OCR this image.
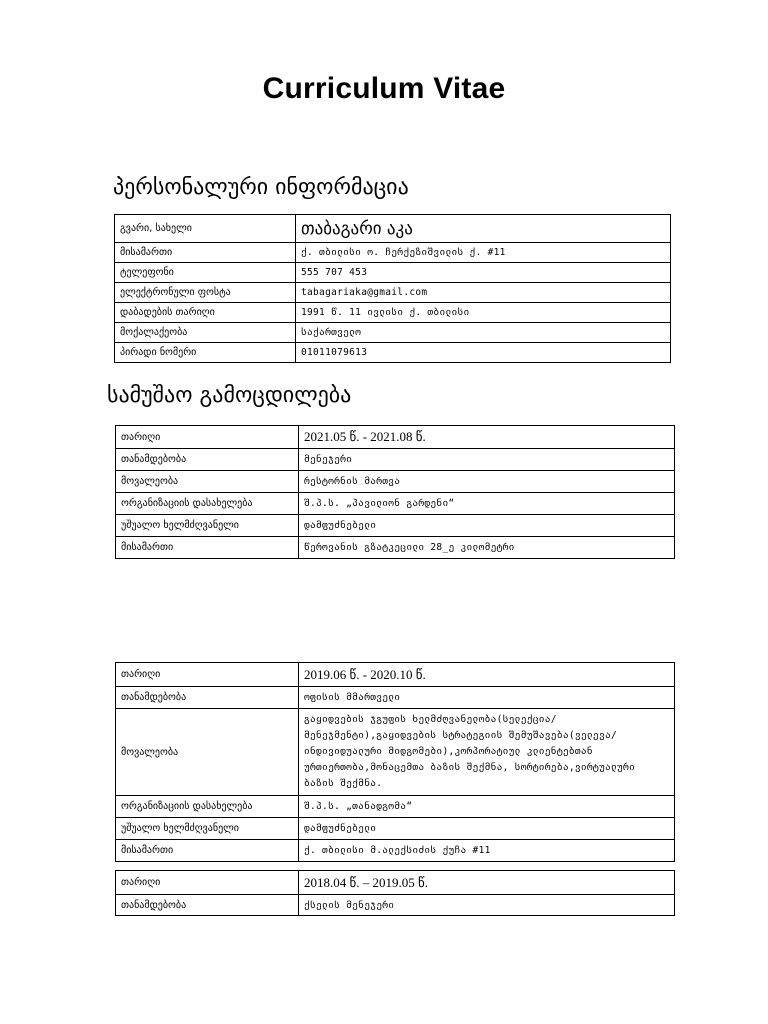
Curriculum Vitae
პერსონალური ინფორმაცია
გვარი, სახელი	თაბაგარი აკა
მისამართი	ქ. თბილისი ო. ჩერქეზიშვილის ქ. #11
ტელეფონი	555 707 453
ელექტრონული ფოსტა	tabagariaka@gmail.com
დაბადების თარიღი	1991 წ. 11 ივლისი ქ. თბილისი
მოქალაქეობა	საქართველო
პირადი ნომერი	01011079613
სამუშაო გამოცდილება
თარიღი	2021.05 წ. - 2021.08 წ.
თანამდებობა	მენეჯერი
მოვალეობა	რესტორნის მართვა
ორგანიზაციის დასახელება	შ.პ.ს. „პავილიონ გარდენი“
უშუალო ხელმძღვანელი	დამფუძნებელი
მისამართი	წეროვანის გზატკეცილი 28_ე კილომეტრი
თარიღი	2019.06 წ. - 2020.10 წ.
თანამდებობა	ოფისის მმართველი
მოვალეობა	გაყიდვების ჯგუფის ხელმძღვანელობა(სელექცია/მენეჯმენტი),გაყიდვების სტრატეგიის შემუშავება(ველევა/ინდივიდუალური მიდგომები),კორპორატიულ კლიენტებთან ურთიერთობა,მონაცემთა ბაზის შექმნა, სორტირება,ვირტუალური ბაზის შექმნა.
ორგანიზაციის დასახელება	შ.პ.ს. „თანადგომა“
უშუალო ხელმძღვანელი	დამფუძნებელი
მისამართი	ქ. თბილისი მ.ალექსიძის ქუჩა #11
თარიღი	2018.04 წ. – 2019.05 წ.
თანამდებობა	ქსელის მენეჯერი
